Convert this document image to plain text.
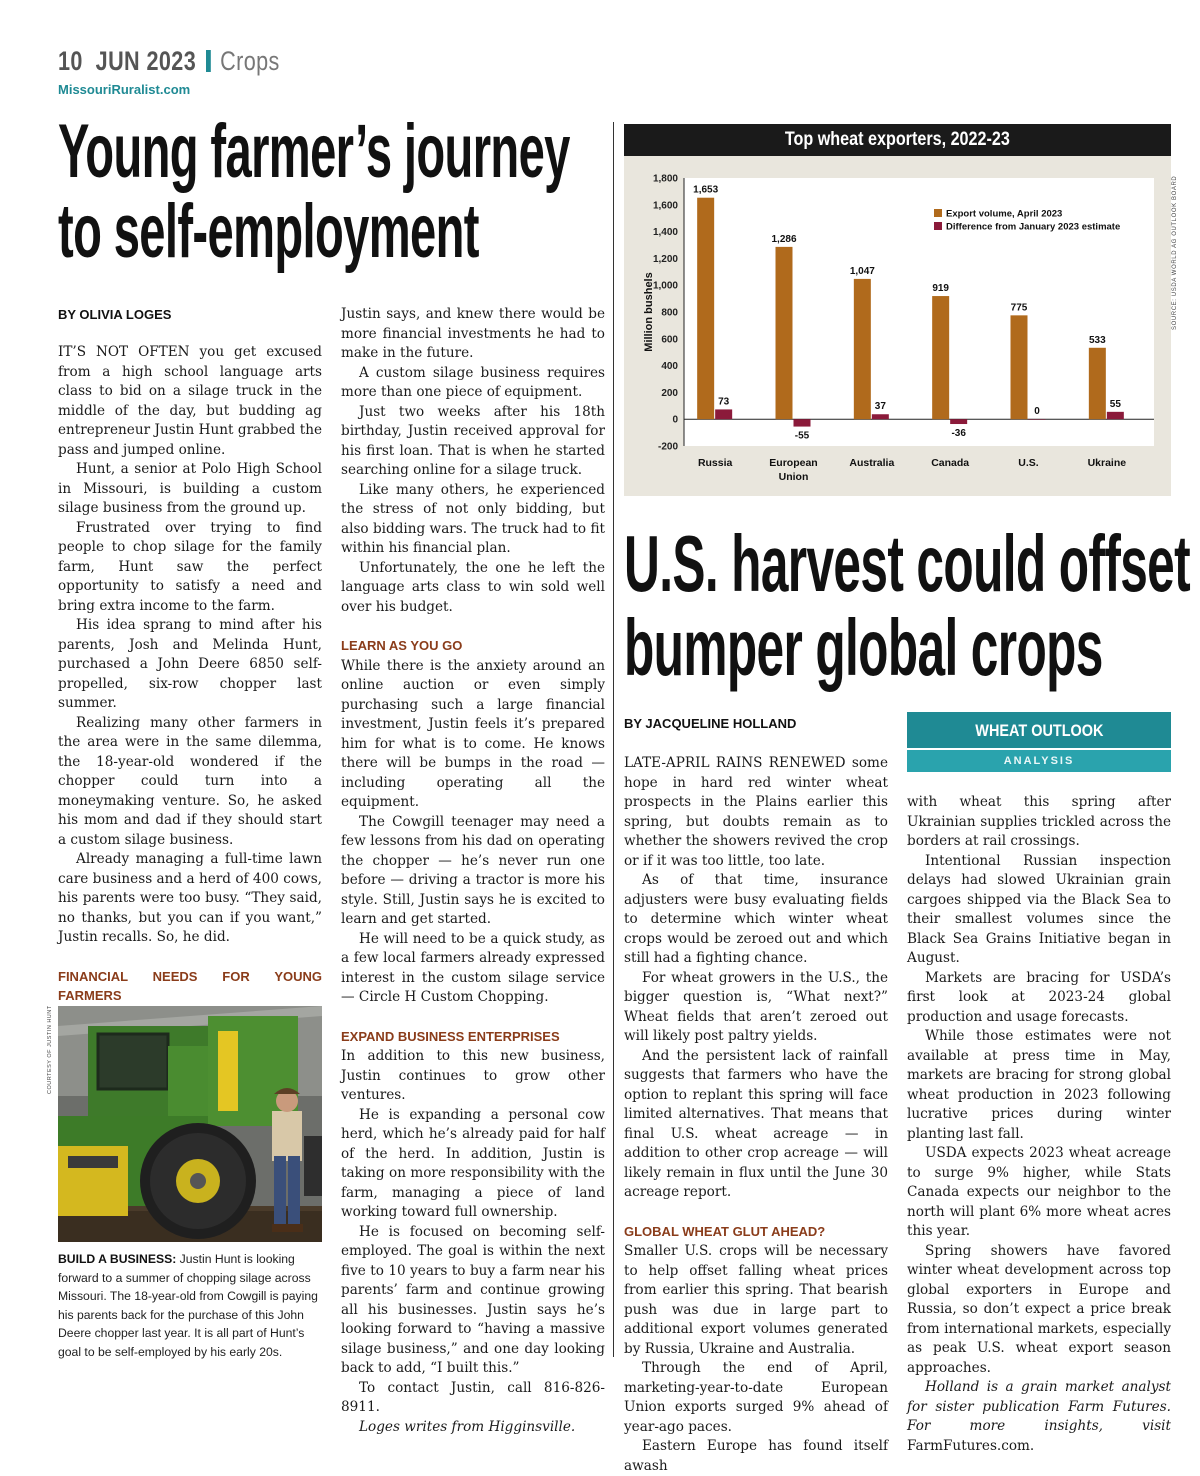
10 JUN 2023 Crops
MissouriRuralist.com
Young farmer’s journey
to self-employment
BY OLIVIA LOGES

IT’S NOT OFTEN you get excused from a high school language arts class to bid on a silage truck in the middle of the day, but budding ag entrepreneur Justin Hunt grabbed the pass and jumped online.

Hunt, a senior at Polo High School in Missouri, is building a custom silage business from the ground up.

Frustrated over trying to find people to chop silage for the family farm, Hunt saw the perfect opportunity to satisfy a need and bring extra income to the farm.

His idea sprang to mind after his parents, Josh and Melinda Hunt, purchased a John Deere 6850 self-propelled, six-row chopper last summer.

Realizing many other farmers in the area were in the same dilemma, the 18-year-old wondered if the chopper could turn into a moneymaking venture. So, he asked his mom and dad if they should start a custom silage business.

Already managing a full-time lawn care business and a herd of 400 cows, his parents were too busy. “They said, no thanks, but you can if you want,” Justin recalls. So, he did.

FINANCIAL NEEDS FOR YOUNG FARMERS

Justin says, and knew there would be more financial investments he had to make in the future.

A custom silage business requires more than one piece of equipment.

Just two weeks after his 18th birthday, Justin received approval for his first loan. That is when he started searching online for a silage truck.

Like many others, he experienced the stress of not only bidding, but also bidding wars. The truck had to fit within his financial plan.

Unfortunately, the one he left the language arts class to win sold well over his budget.

LEARN AS YOU GO

While there is the anxiety around an online auction or even simply purchasing such a large financial investment, Justin feels it’s prepared him for what is to come. He knows there will be bumps in the road — including operating all the equipment.

The Cowgill teenager may need a few lessons from his dad on operating the chopper — he’s never run one before — driving a tractor is more his style. Still, Justin says he is excited to learn and get started.

He will need to be a quick study, as a few local farmers already expressed interest in the custom silage service — Circle H Custom Chopping.

EXPAND BUSINESS ENTERPRISES

In addition to this new business, Justin continues to grow other ventures.

He is expanding a personal cow herd, which he’s already paid for half of the herd. In addition, Justin is taking on more responsibility with the farm, managing a piece of land working toward full ownership.

He is focused on becoming self-employed. The goal is within the next five to 10 years to buy a farm near his parents’ farm and continue growing all his businesses. Justin says he’s looking forward to “having a massive silage business,” and one day looking back to add, “I built this.”

To contact Justin, call 816-826-8911.

Loges writes from Higginsville.

COURTESY OF JUSTIN HUNT
BUILD A BUSINESS: Justin Hunt is looking forward to a summer of chopping silage across Missouri. The 18-year-old from Cowgill is paying his parents back for the purchase of this John Deere chopper last year. It is all part of Hunt’s goal to be self-employed by his early 20s.
Top wheat exporters, 2022-23
1,800
1,600
1,400
1,200
1,000
800
600
400
200
0
-200
Million bushels
1,653
73
Russia
1,286
-55
European
Union
1,047
37
Australia
919
-36
Canada
775
0
U.S.
533
55
Ukraine
Export volume, April 2023
Difference from January 2023 estimate	SOURCE: USDA WORLD AG OUTLOOK BOARD
U.S. harvest could offset
bumper global crops
BY JACQUELINE HOLLAND	WHEAT OUTLOOK
ANALYSIS

LATE-APRIL RAINS RENEWED some hope in hard red winter wheat prospects in the Plains earlier this spring, but doubts remain as to whether the showers revived the crop or if it was too little, too late.

As of that time, insurance adjusters were busy evaluating fields to determine which winter wheat crops would be zeroed out and which still had a fighting chance.

For wheat growers in the U.S., the bigger question is, “What next?” Wheat fields that aren’t zeroed out will likely post paltry yields.

And the persistent lack of rainfall suggests that farmers who have the option to replant this spring will face limited alternatives. That means that final U.S. wheat acreage — in addition to other crop acreage — will likely remain in flux until the June 30 acreage report.

GLOBAL WHEAT GLUT AHEAD?

Smaller U.S. crops will be necessary to help offset falling wheat prices from earlier this spring. That bearish push was due in large part to additional export volumes generated by Russia, Ukraine and Australia.

Through the end of April, marketing-year-to-date European Union exports surged 9% ahead of year-ago paces.

Eastern Europe has found itself awash

with wheat this spring after Ukrainian supplies trickled across the borders at rail crossings.

Intentional Russian inspection delays had slowed Ukrainian grain cargoes shipped via the Black Sea to their smallest volumes since the Black Sea Grains Initiative began in August.

Markets are bracing for USDA’s first look at 2023-24 global production and usage forecasts.

While those estimates were not available at press time in May, markets are bracing for strong global wheat production in 2023 following lucrative prices during winter planting last fall.

USDA expects 2023 wheat acreage to surge 9% higher, while Stats Canada expects our neighbor to the north will plant 6% more wheat acres this year.

Spring showers have favored winter wheat development across top global exporters in Europe and Russia, so don’t expect a price break from international markets, especially as peak U.S. wheat export season approaches.

Holland is a grain market analyst for sister publication Farm Futures. For more insights, visit FarmFutures.com.
